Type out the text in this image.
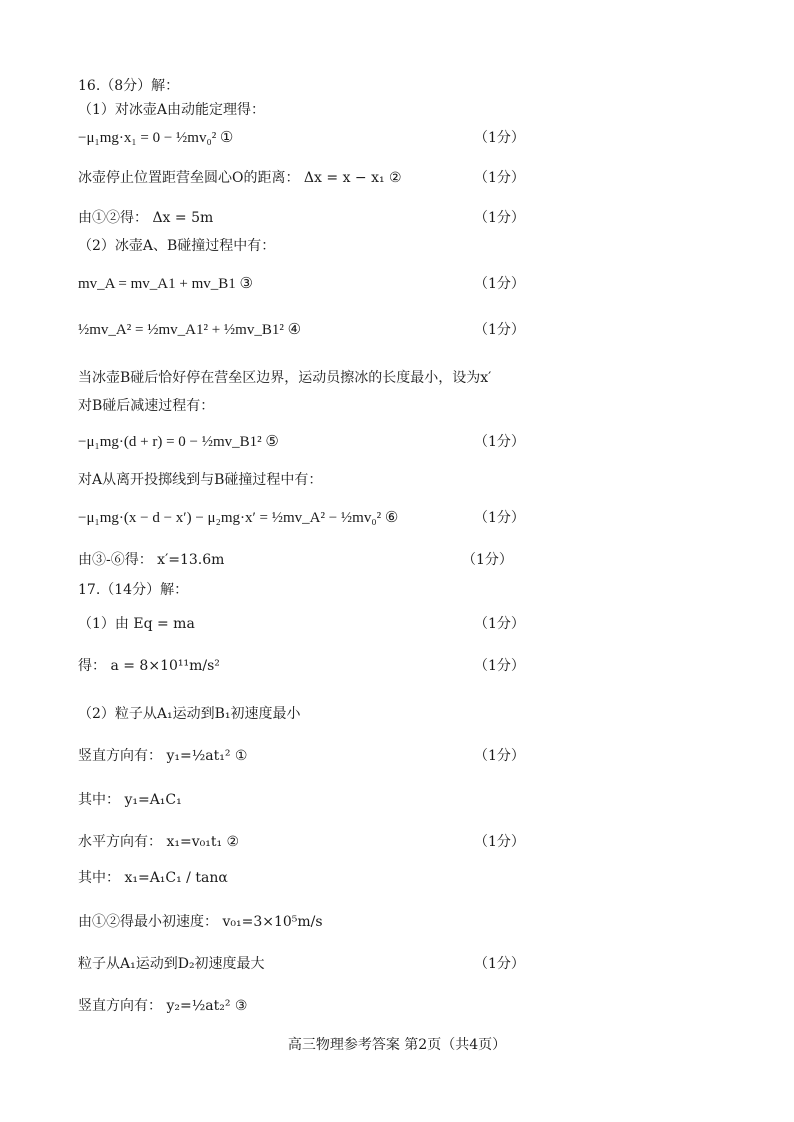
16.（8分）解：
（1）对冰壶A由动能定理得：
−μ₁mg·x₁ = 0 − ½mv₀² ①	（1分）
冰壶停止位置距营垒圆心O的距离： Δx = x − x₁ ②	（1分）
由①②得： Δx = 5m	（1分）
（2）冰壶A、B碰撞过程中有：
mv_A = mv_A1 + mv_B1 ③	（1分）
½mv_A² = ½mv_A1² + ½mv_B1² ④	（1分）
当冰壶B碰后恰好停在营垒区边界，运动员擦冰的长度最小，设为x′
对B碰后减速过程有：
−μ₁mg·(d + r) = 0 − ½mv_B1² ⑤	（1分）
对A从离开投掷线到与B碰撞过程中有：
−μ₁mg·(x − d − x′) − μ₂mg·x′ = ½mv_A² − ½mv₀² ⑥	（1分）
由③-⑥得： x′=13.6m	（1分）
17.（14分）解：
（1）由 Eq = ma	（1分）
得： a = 8×10¹¹m/s²	（1分）
（2）粒子从A₁运动到B₁初速度最小
竖直方向有： y₁=½at₁² ①	（1分）
其中： y₁=A₁C₁
水平方向有： x₁=v₀₁t₁ ②	（1分）
其中： x₁=A₁C₁ / tanα
由①②得最小初速度： v₀₁=3×10⁵m/s
粒子从A₁运动到D₂初速度最大	（1分）
竖直方向有： y₂=½at₂² ③
高三物理参考答案 第2页（共4页）
